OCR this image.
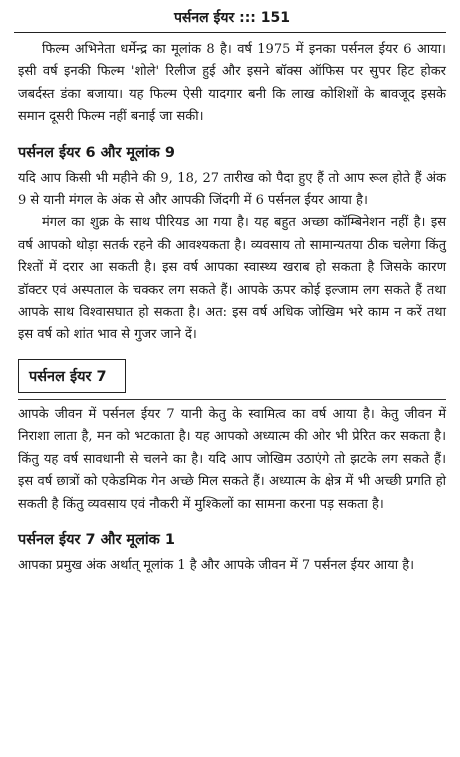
पर्सनल ईयर ::: 151

फिल्म अभिनेता धर्मेन्द्र का मूलांक 8 है। वर्ष 1975 में इनका पर्सनल ईयर 6 आया। इसी वर्ष इनकी फिल्म 'शोले' रिलीज हुई और इसने बॉक्स ऑफिस पर सुपर हिट होकर जबर्दस्त डंका बजाया। यह फिल्म ऐसी यादगार बनी कि लाख कोशिशों के बावजूद इसके समान दूसरी फिल्म नहीं बनाई जा सकी।

पर्सनल ईयर 6 और मूलांक 9

यदि आप किसी भी महीने की 9, 18, 27 तारीख को पैदा हुए हैं तो आप रूल होते हैं अंक 9 से यानी मंगल के अंक से और आपकी जिंदगी में 6 पर्सनल ईयर आया है।

मंगल का शुक्र के साथ पीरियड आ गया है। यह बहुत अच्छा कॉम्बिनेशन नहीं है। इस वर्ष आपको थोड़ा सतर्क रहने की आवश्यकता है। व्यवसाय तो सामान्यतया ठीक चलेगा किंतु रिश्तों में दरार आ सकती है। इस वर्ष आपका स्वास्थ्य खराब हो सकता है जिसके कारण डॉक्टर एवं अस्पताल के चक्कर लग सकते हैं। आपके ऊपर कोई इल्जाम लग सकते हैं तथा आपके साथ विश्वासघात हो सकता है। अत: इस वर्ष अधिक जोखिम भरे काम न करें तथा इस वर्ष को शांत भाव से गुजर जाने दें।

पर्सनल ईयर 7

आपके जीवन में पर्सनल ईयर 7 यानी केतु के स्वामित्व का वर्ष आया है। केतु जीवन में निराशा लाता है, मन को भटकाता है। यह आपको अध्यात्म की ओर भी प्रेरित कर सकता है। किंतु यह वर्ष सावधानी से चलने का है। यदि आप जोखिम उठाएंगे तो झटके लग सकते हैं। इस वर्ष छात्रों को एकेडमिक गेन अच्छे मिल सकते हैं। अध्यात्म के क्षेत्र में भी अच्छी प्रगति हो सकती है किंतु व्यवसाय एवं नौकरी में मुश्किलों का सामना करना पड़ सकता है।

पर्सनल ईयर 7 और मूलांक 1

आपका प्रमुख अंक अर्थात् मूलांक 1 है और आपके जीवन में 7 पर्सनल ईयर आया है।
